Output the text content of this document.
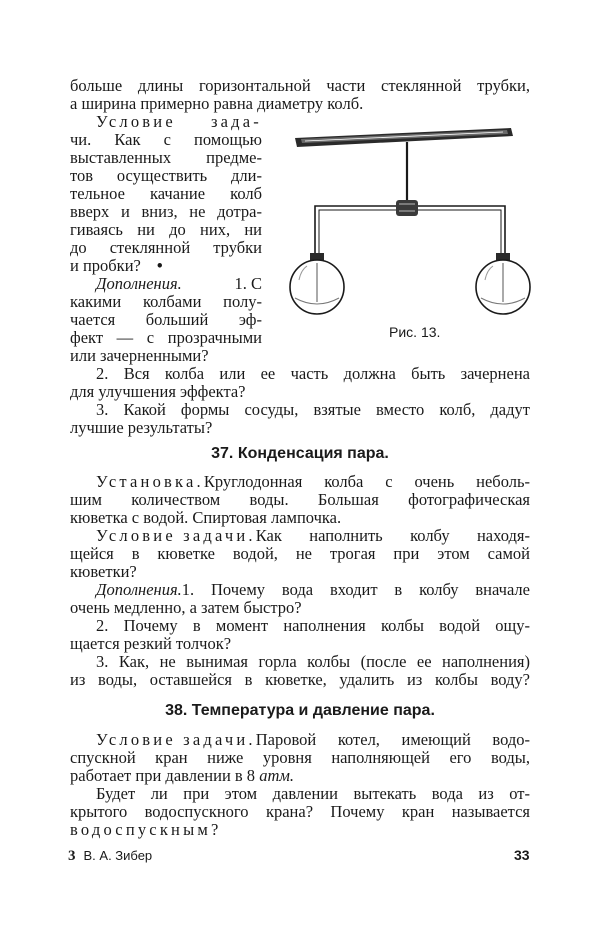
больше длины горизонтальной части стеклянной трубки,
а ширина примерно равна диаметру колб.
Условие зада-
чи. Как с помощью
выставленных предме-
тов осуществить дли-
тельное качание колб
вверх и вниз, не дотра-
гиваясь ни до них, ни
до стеклянной трубки
и пробки? •
Дополнения.	1. С
какими колбами полу-
чается больший эф-
фект — с прозрачными
или зачерненными?
Рис. 13.
2. Вся колба или ее часть должна быть зачернена
для улучшения эффекта?
3. Какой формы сосуды, взятые вместо колб, дадут
лучшие результаты?
37. Конденсация пара.
Установка. Круглодонная колба с очень неболь-
шим количеством воды. Большая фотографическая
кюветка с водой. Спиртовая лампочка.
Условие задачи. Как наполнить колбу находя-
щейся в кюветке водой, не трогая при этом самой
кюветки?
Дополнения. 1. Почему вода входит в колбу вначале
очень медленно, а затем быстро?
2. Почему в момент наполнения колбы водой ощу-
щается резкий толчок?
3. Как, не вынимая горла колбы (после ее наполнения)
из воды, оставшейся в кюветке, удалить из колбы воду?
38. Температура и давление пара.
Условие задачи. Паровой котел, имеющий водо-
спускной кран ниже уровня наполняющей его воды,
работает при давлении в 8 атм.
Будет ли при этом давлении вытекать вода из от-
крытого водоспускного крана? Почему кран называется
водоспускным?
3 В. А. Зибер	33
